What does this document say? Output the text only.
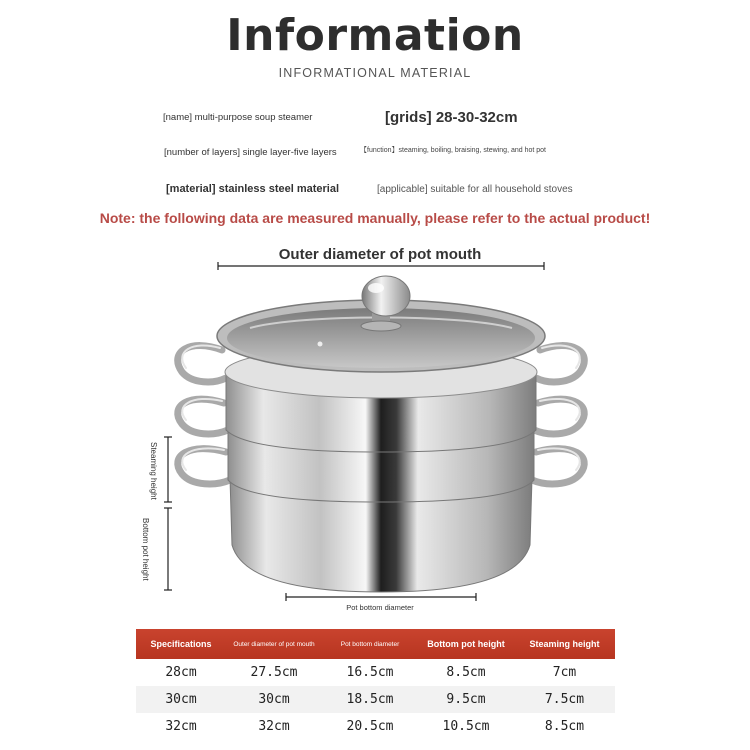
Information
INFORMATIONAL MATERIAL
[name] multi-purpose soup steamer	[grids] 28-30-32cm
[number of layers] single layer-five layers	【function】steaming, boiling, braising, stewing, and hot pot
[material] stainless steel material	[applicable] suitable for all household stoves
Note: the following data are measured manually, please refer to the actual product!
Outer diameter of pot mouth
Steaming height
Bottom pot height
Pot bottom diameter
Specifications	Outer diameter of pot mouth	Pot bottom diameter	Bottom pot height	Steaming height
28cm	27.5cm	16.5cm	8.5cm	7cm
30cm	30cm	18.5cm	9.5cm	7.5cm
32cm	32cm	20.5cm	10.5cm	8.5cm
